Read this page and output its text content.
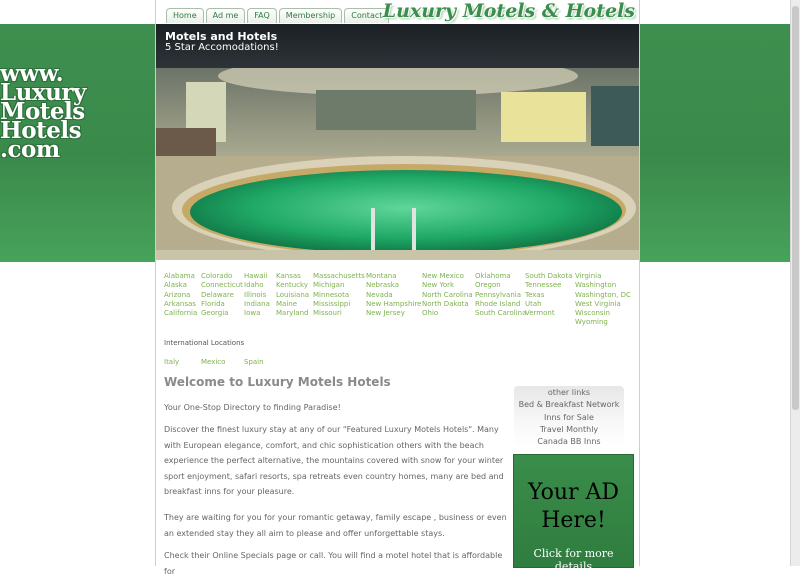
www.
Luxury
Motels
Hotels
.com
Home	Ad me	FAQ	Membership	Contact Luxury Motels & Hotels
Motels and Hotels
5 Star Accomodations!
Alabama
Alaska
Arizona
Arkansas
California
Colorado
Connecticut
Delaware
Florida
Georgia
Hawaii
Idaho
Illinois
Indiana
Iowa
Kansas
Kentucky
Louisiana
Maine
Maryland
Massachusetts
Michigan
Minnesota
Mississippi
Missouri
Montana
Nebraska
Nevada
New Hampshire
New Jersey
New Mexico
New York
North Carolina
North Dakota
Ohio
Oklahoma
Oregon
Pennsylvania
Rhode Island
South Carolina
South Dakota
Tennessee
Texas
Utah
Vermont
Virginia
Washington
Washington, DC
West Virginia
Wisconsin
Wyoming
International Locations
Italy	Mexico	Spain
Welcome to Luxury Motels Hotels
Your One-Stop Directory to finding Paradise!
Discover the finest luxury stay at any of our "Featured Luxury Motels Hotels". Many with European elegance, comfort, and chic sophistication others with the beach experience the perfect alternative, the mountains covered with snow for your winter sport enjoyment, safari resorts, spa retreats even country homes, many are bed and breakfast inns for your pleasure.
They are waiting for you for your romantic getaway, family escape , business or even an extended stay they all aim to please and offer unforgettable stays.
Check their Online Specials page or call. You will find a motel hotel that is affordable for
other links
Bed & Breakfast Network
Inns for Sale
Travel Monthly
Canada BB Inns
Your AD
Here!
Click for more details
